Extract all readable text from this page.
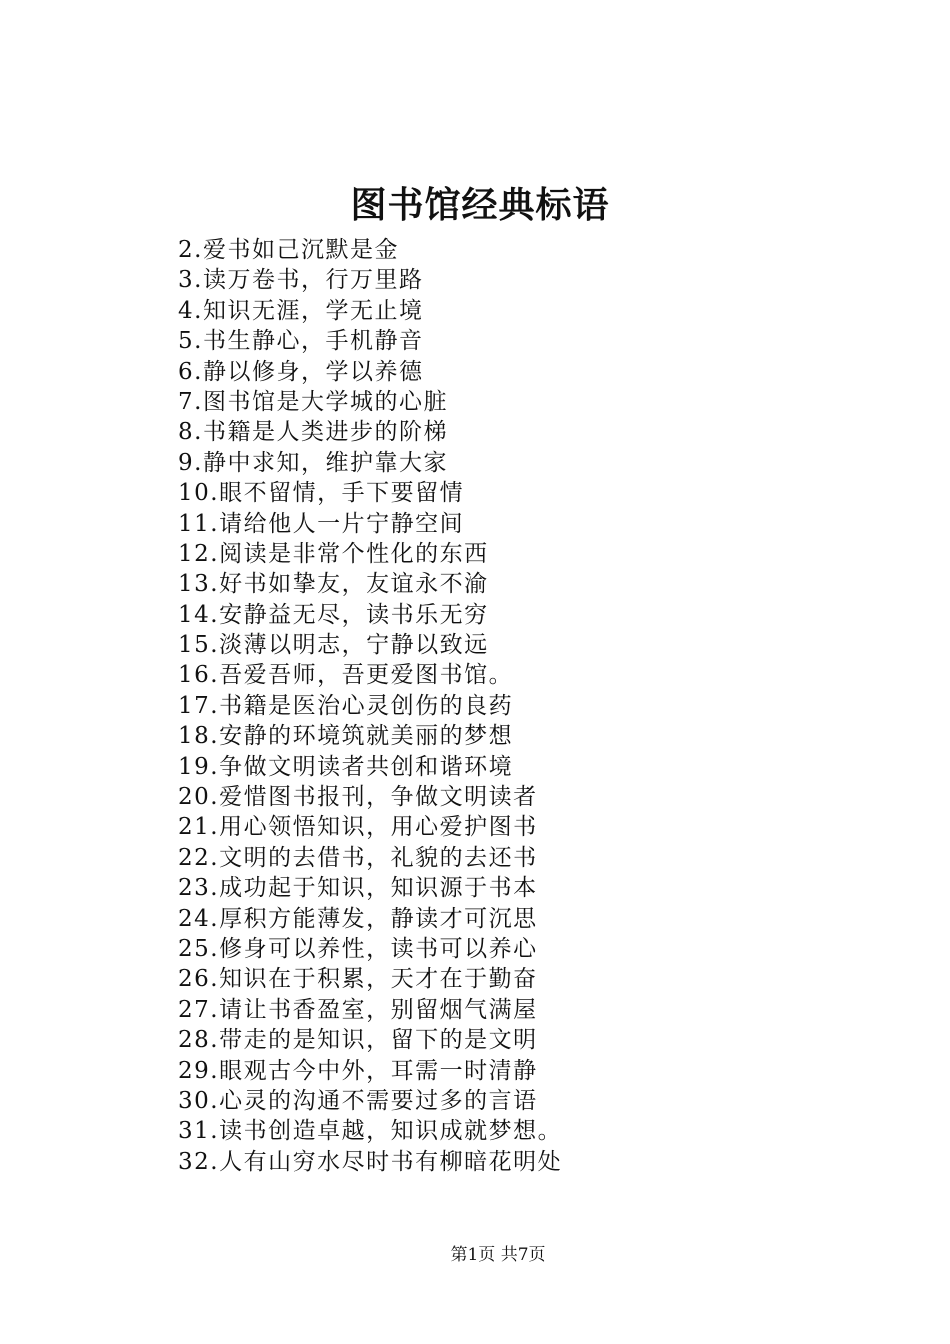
图书馆经典标语
2.爱书如己沉默是金
3.读万卷书，行万里路
4.知识无涯，学无止境
5.书生静心，手机静音
6.静以修身，学以养德
7.图书馆是大学城的心脏
8.书籍是人类进步的阶梯
9.静中求知，维护靠大家
10.眼不留情，手下要留情
11.请给他人一片宁静空间
12.阅读是非常个性化的东西
13.好书如挚友，友谊永不渝
14.安静益无尽，读书乐无穷
15.淡薄以明志，宁静以致远
16.吾爱吾师，吾更爱图书馆。
17.书籍是医治心灵创伤的良药
18.安静的环境筑就美丽的梦想
19.争做文明读者共创和谐环境
20.爱惜图书报刊，争做文明读者
21.用心领悟知识，用心爱护图书
22.文明的去借书，礼貌的去还书
23.成功起于知识，知识源于书本
24.厚积方能薄发，静读才可沉思
25.修身可以养性，读书可以养心
26.知识在于积累，天才在于勤奋
27.请让书香盈室，别留烟气满屋
28.带走的是知识，留下的是文明
29.眼观古今中外，耳需一时清静
30.心灵的沟通不需要过多的言语
31.读书创造卓越，知识成就梦想。
32.人有山穷水尽时书有柳暗花明处
第1页 共7页
